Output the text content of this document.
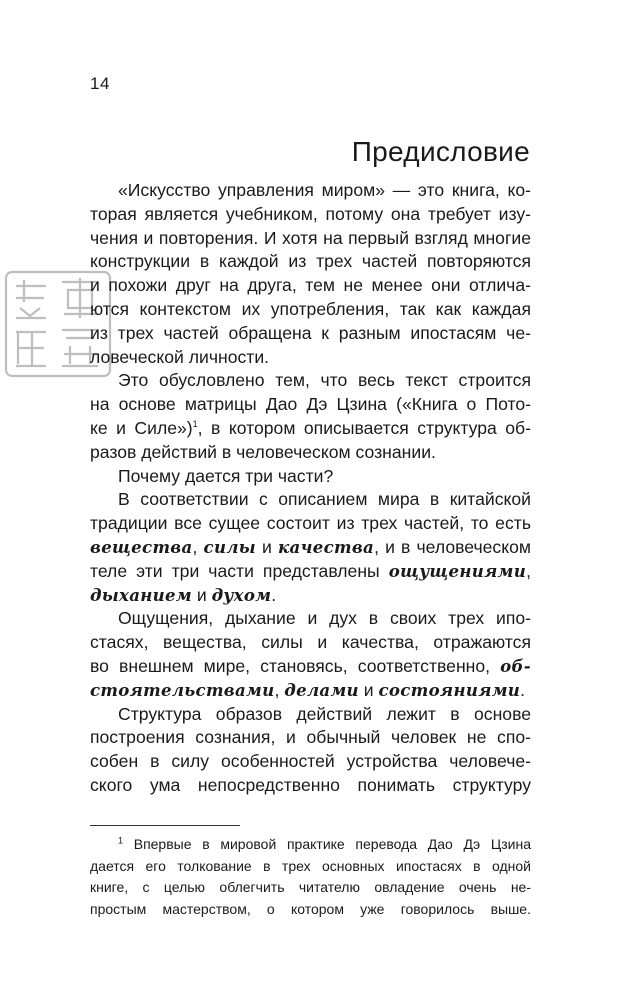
14
Предисловие
«Искусство управления миром» — это книга, ко-
торая является учебником, потому она требует изу-
чения и повторения. И хотя на первый взгляд многие
конструкции в каждой из трех частей повторяются
и похожи друг на друга, тем не менее они отлича-
ются контекстом их употребления, так как каждая
из трех частей обращена к разным ипостасям че-
ловеческой личности.
Это обусловлено тем, что весь текст строится
на основе матрицы Дао Дэ Цзина («Книга о Пото-
ке и Силе»)$^1$, в котором описывается структура об-
разов действий в человеческом сознании.
Почему дается три части?
В соответствии с описанием мира в китайской
традиции все сущее состоит из трех частей, то есть
вещества, силы и качества, и в человеческом
теле эти три части представлены ощущениями,
дыханием и духом.
Ощущения, дыхание и дух в своих трех ипо-
стасях, вещества, силы и качества, отражаются
во внешнем мире, становясь, соответственно, об-
стоятельствами, делами и состояниями.
Структура образов действий лежит в основе
построения сознания, и обычный человек не спо-
собен в силу особенностей устройства человече-
ского ума непосредственно понимать структуру
$^1$ Впервые в мировой практике перевода Дао Дэ Цзина
дается его толкование в трех основных ипостасях в одной
книге, с целью облегчить читателю овладение очень не-
простым мастерством, о котором уже говорилось выше.
